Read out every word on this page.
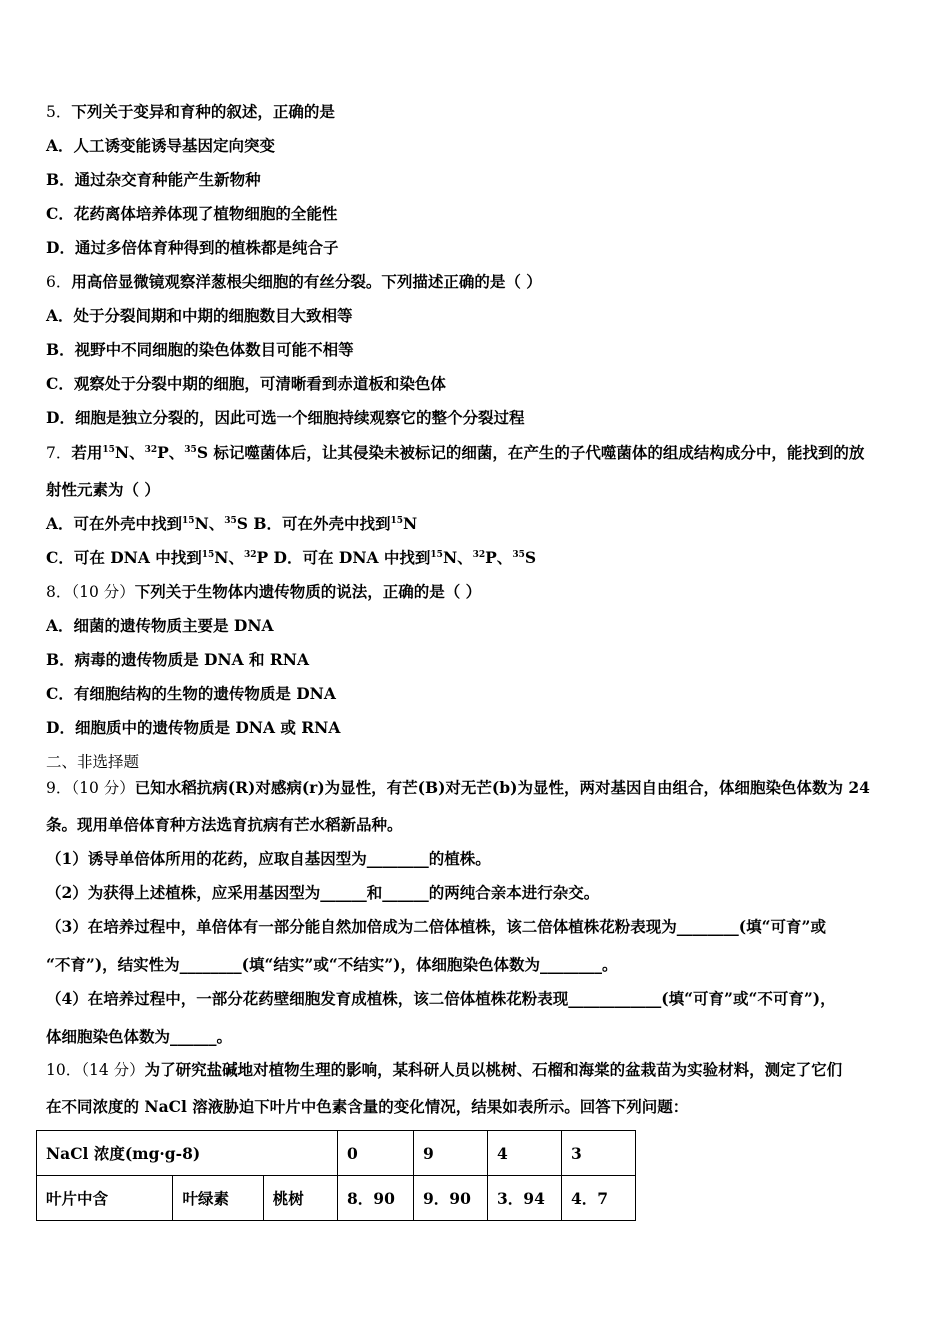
5．下列关于变异和育种的叙述，正确的是
A．人工诱变能诱导基因定向突变
B．通过杂交育种能产生新物种
C．花药离体培养体现了植物细胞的全能性
D．通过多倍体育种得到的植株都是纯合子
6．用高倍显微镜观察洋葱根尖细胞的有丝分裂。下列描述正确的是（ ）
A．处于分裂间期和中期的细胞数目大致相等
B．视野中不同细胞的染色体数目可能不相等
C．观察处于分裂中期的细胞，可清晰看到赤道板和染色体
D．细胞是独立分裂的，因此可选一个细胞持续观察它的整个分裂过程
7．若用$^{15}$N、$^{32}$P、$^{35}$S 标记噬菌体后，让其侵染未被标记的细菌，在产生的子代噬菌体的组成结构成分中，能找到的放
射性元素为（ ）
A．可在外壳中找到$^{15}$N、$^{35}$S B．可在外壳中找到$^{15}$N
C．可在 DNA 中找到$^{15}$N、$^{32}$P D．可在 DNA 中找到$^{15}$N、$^{32}$P、$^{35}$S
8．（10 分）下列关于生物体内遗传物质的说法，正确的是（ ）
A．细菌的遗传物质主要是 DNA
B．病毒的遗传物质是 DNA 和 RNA
C．有细胞结构的生物的遗传物质是 DNA
D．细胞质中的遗传物质是 DNA 或 RNA
二、非选择题
9．（10 分）已知水稻抗病(R)对感病(r)为显性，有芒(B)对无芒(b)为显性，两对基因自由组合，体细胞染色体数为 24
条。现用单倍体育种方法选育抗病有芒水稻新品种。
（1）诱导单倍体所用的花药，应取自基因型为________的植株。
（2）为获得上述植株，应采用基因型为______和______的两纯合亲本进行杂交。
（3）在培养过程中，单倍体有一部分能自然加倍成为二倍体植株，该二倍体植株花粉表现为________(填“可育”或
“不育”)，结实性为________(填“结实”或“不结实”)，体细胞染色体数为________。
（4）在培养过程中，一部分花药壁细胞发育成植株，该二倍体植株花粉表现____________(填“可育”或“不可育”)，
体细胞染色体数为______。
10．（14 分）为了研究盐碱地对植物生理的影响，某科研人员以桃树、石榴和海棠的盆栽苗为实验材料，测定了它们
在不同浓度的 NaCl 溶液胁迫下叶片中色素含量的变化情况，结果如表所示。回答下列问题：
NaCl 浓度(mg·g-8)			0	9	4	3
叶片中含	叶绿素	桃树	8．90	9．90	3．94	4．7
